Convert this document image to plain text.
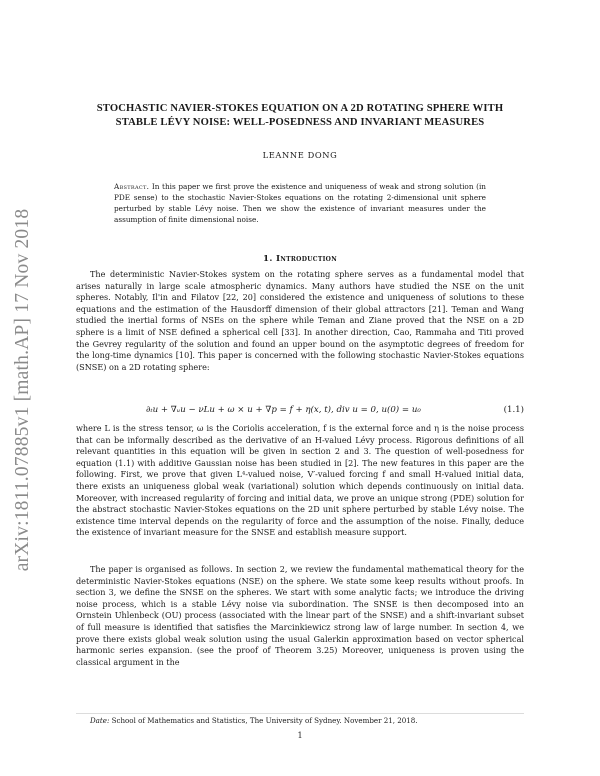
arXiv:1811.07885v1 [math.AP] 17 Nov 2018
STOCHASTIC NAVIER-STOKES EQUATION ON A 2D ROTATING SPHERE WITH STABLE LÉVY NOISE: WELL-POSEDNESS AND INVARIANT MEASURES

LEANNE DONG

Abstract. In this paper we first prove the existence and uniqueness of weak and strong solution (in PDE sense) to the stochastic Navier-Stokes equations on the rotating 2-dimensional unit sphere perturbed by stable Lévy noise. Then we show the existence of invariant measures under the assumption of finite dimensional noise.

1. Introduction

The deterministic Navier-Stokes system on the rotating sphere serves as a fundamental model that arises naturally in large scale atmospheric dynamics. Many authors have studied the NSE on the unit spheres. Notably, Il'in and Filatov [22, 20] considered the existence and uniqueness of solutions to these equations and the estimation of the Hausdorff dimension of their global attractors [21]. Teman and Wang studied the inertial forms of NSEs on the sphere while Teman and Ziane proved that the NSE on a 2D sphere is a limit of NSE defined a spherical cell [33]. In another direction, Cao, Rammaha and Titi proved the Gevrey regularity of the solution and found an upper bound on the asymptotic degrees of freedom for the long-time dynamics [10]. This paper is concerned with the following stochastic Navier-Stokes equations (SNSE) on a 2D rotating sphere:

∂ₜu + ∇ᵤu − νLu + ω × u + ∇p = f + η(x, t), div u = 0, u(0) = u₀	(1.1)

where L is the stress tensor, ω is the Coriolis acceleration, f is the external force and η is the noise process that can be informally described as the derivative of an H-valued Lévy process. Rigorous definitions of all relevant quantities in this equation will be given in section 2 and 3. The question of well-posedness for equation (1.1) with additive Gaussian noise has been studied in [2]. The new features in this paper are the following. First, we prove that given L⁴-valued noise, V′-valued forcing f and small H-valued initial data, there exists an uniqueness global weak (variational) solution which depends continuously on initial data. Moreover, with increased regularity of forcing and initial data, we prove an unique strong (PDE) solution for the abstract stochastic Navier-Stokes equations on the 2D unit sphere perturbed by stable Lévy noise. The existence time interval depends on the regularity of force and the assumption of the noise. Finally, deduce the existence of invariant measure for the SNSE and establish measure support.

The paper is organised as follows. In section 2, we review the fundamental mathematical theory for the deterministic Navier-Stokes equations (NSE) on the sphere. We state some keep results without proofs. In section 3, we define the SNSE on the spheres. We start with some analytic facts; we introduce the driving noise process, which is a stable Lévy noise via subordination. The SNSE is then decomposed into an Ornstein Uhlenbeck (OU) process (associated with the linear part of the SNSE) and a shift-invariant subset of full measure is identified that satisfies the Marcinkiewicz strong law of large number. In section 4, we prove there exists global weak solution using the usual Galerkin approximation based on vector spherical harmonic series expansion. (see the proof of Theorem 3.25) Moreover, uniqueness is proven using the classical argument in the

Date: School of Mathematics and Statistics, The University of Sydney. November 21, 2018.

1
